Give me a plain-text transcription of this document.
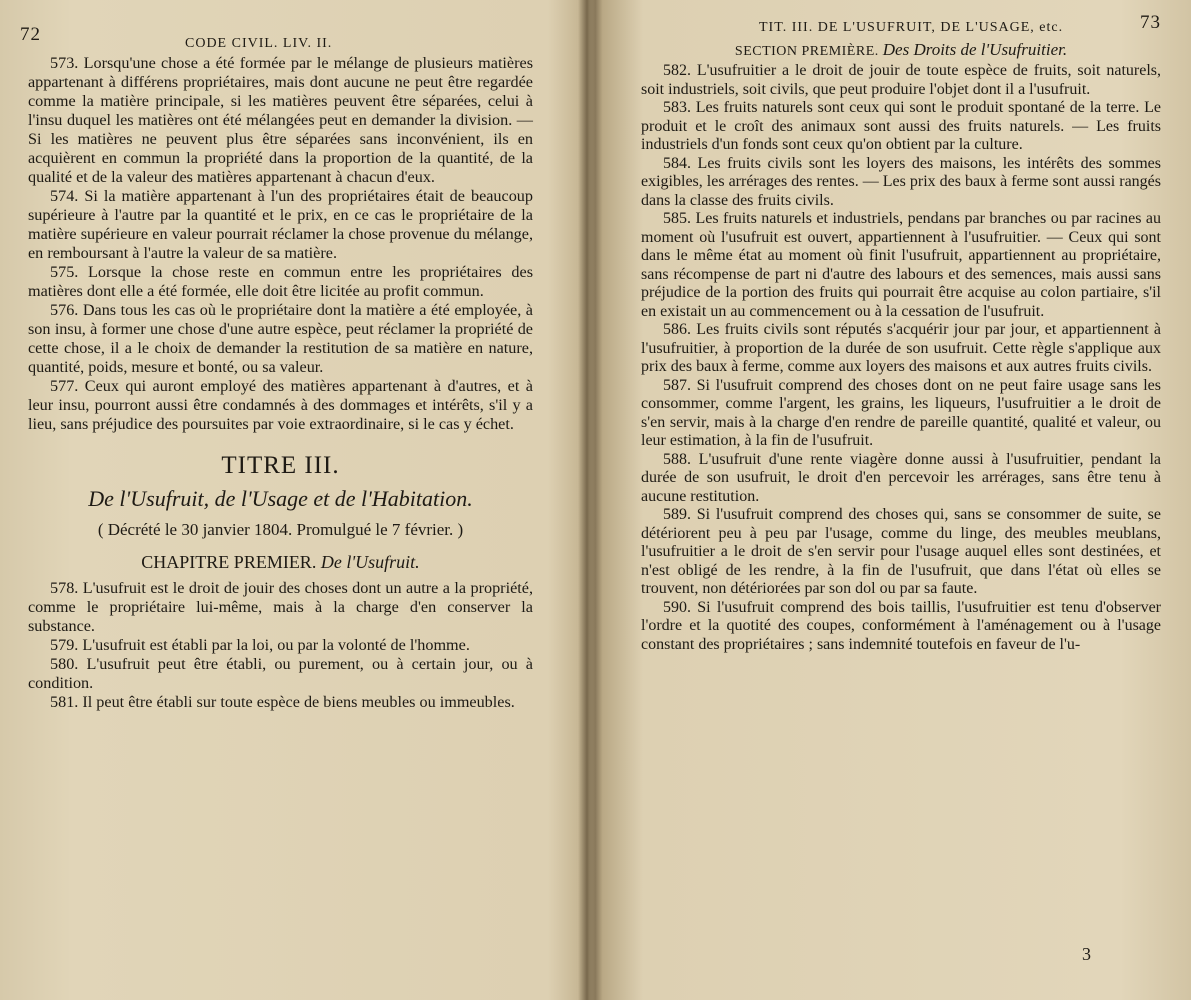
72	CODE CIVIL. LIV. II.

573. Lorsqu'une chose a été formée par le mélange de plusieurs matières appartenant à différens propriétaires, mais dont aucune ne peut être regardée comme la matière principale, si les matières peuvent être séparées, celui à l'insu duquel les matières ont été mélangées peut en demander la division. — Si les matières ne peuvent plus être séparées sans inconvénient, ils en acquièrent en commun la propriété dans la proportion de la quantité, de la qualité et de la valeur des matières appartenant à chacun d'eux.

574. Si la matière appartenant à l'un des propriétaires était de beaucoup supérieure à l'autre par la quantité et le prix, en ce cas le propriétaire de la matière supérieure en valeur pourrait réclamer la chose provenue du mélange, en remboursant à l'autre la valeur de sa matière.

575. Lorsque la chose reste en commun entre les propriétaires des matières dont elle a été formée, elle doit être licitée au profit commun.

576. Dans tous les cas où le propriétaire dont la matière a été employée, à son insu, à former une chose d'une autre espèce, peut réclamer la propriété de cette chose, il a le choix de demander la restitution de sa matière en nature, quantité, poids, mesure et bonté, ou sa valeur.

577. Ceux qui auront employé des matières appartenant à d'autres, et à leur insu, pourront aussi être condamnés à des dommages et intérêts, s'il y a lieu, sans préjudice des poursuites par voie extraordinaire, si le cas y échet.

TITRE III.
De l'Usufruit, de l'Usage et de l'Habitation.
( Décrété le 30 janvier 1804. Promulgué le 7 février. )
CHAPITRE PREMIER. De l'Usufruit.

578. L'usufruit est le droit de jouir des choses dont un autre a la propriété, comme le propriétaire lui-même, mais à la charge d'en conserver la substance.

579. L'usufruit est établi par la loi, ou par la volonté de l'homme.

580. L'usufruit peut être établi, ou purement, ou à certain jour, ou à condition.

581. Il peut être établi sur toute espèce de biens meubles ou immeubles.

TIT. III. DE L'USUFRUIT, DE L'USAGE, etc.	73
SECTION PREMIÈRE. Des Droits de l'Usufruitier.

582. L'usufruitier a le droit de jouir de toute espèce de fruits, soit naturels, soit industriels, soit civils, que peut produire l'objet dont il a l'usufruit.

583. Les fruits naturels sont ceux qui sont le produit spontané de la terre. Le produit et le croît des animaux sont aussi des fruits naturels. — Les fruits industriels d'un fonds sont ceux qu'on obtient par la culture.

584. Les fruits civils sont les loyers des maisons, les intérêts des sommes exigibles, les arrérages des rentes. — Les prix des baux à ferme sont aussi rangés dans la classe des fruits civils.

585. Les fruits naturels et industriels, pendans par branches ou par racines au moment où l'usufruit est ouvert, appartiennent à l'usufruitier. — Ceux qui sont dans le même état au moment où finit l'usufruit, appartiennent au propriétaire, sans récompense de part ni d'autre des labours et des semences, mais aussi sans préjudice de la portion des fruits qui pourrait être acquise au colon partiaire, s'il en existait un au commencement ou à la cessation de l'usufruit.

586. Les fruits civils sont réputés s'acquérir jour par jour, et appartiennent à l'usufruitier, à proportion de la durée de son usufruit. Cette règle s'applique aux prix des baux à ferme, comme aux loyers des maisons et aux autres fruits civils.

587. Si l'usufruit comprend des choses dont on ne peut faire usage sans les consommer, comme l'argent, les grains, les liqueurs, l'usufruitier a le droit de s'en servir, mais à la charge d'en rendre de pareille quantité, qualité et valeur, ou leur estimation, à la fin de l'usufruit.

588. L'usufruit d'une rente viagère donne aussi à l'usufruitier, pendant la durée de son usufruit, le droit d'en percevoir les arrérages, sans être tenu à aucune restitution.

589. Si l'usufruit comprend des choses qui, sans se consommer de suite, se détériorent peu à peu par l'usage, comme du linge, des meubles meublans, l'usufruitier a le droit de s'en servir pour l'usage auquel elles sont destinées, et n'est obligé de les rendre, à la fin de l'usufruit, que dans l'état où elles se trouvent, non détériorées par son dol ou par sa faute.

590. Si l'usufruit comprend des bois taillis, l'usufruitier est tenu d'observer l'ordre et la quotité des coupes, conformément à l'aménagement ou à l'usage constant des propriétaires ; sans indemnité toutefois en faveur de l'u-

3
